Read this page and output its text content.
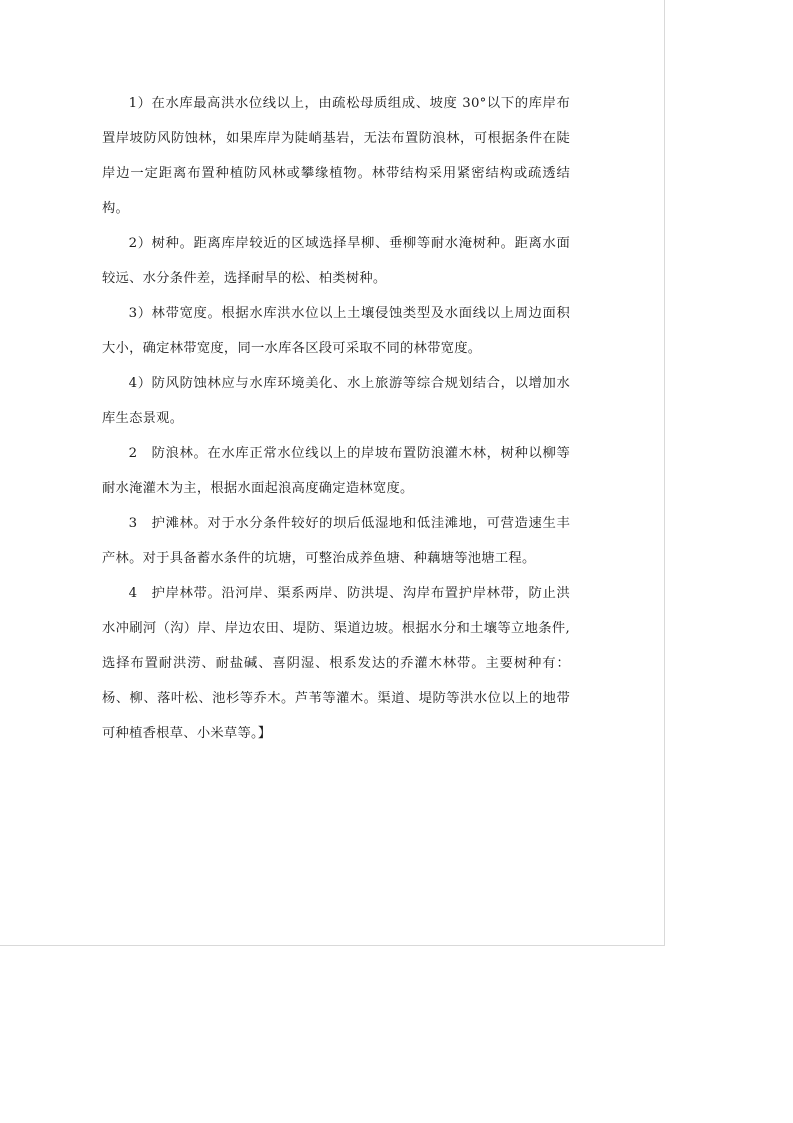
1）在水库最高洪水位线以上，由疏松母质组成、坡度 30°以下的库岸布置岸坡防风防蚀林，如果库岸为陡峭基岩，无法布置防浪林，可根据条件在陡岸边一定距离布置种植防风林或攀缘植物。林带结构采用紧密结构或疏透结构。

2）树种。距离库岸较近的区域选择旱柳、垂柳等耐水淹树种。距离水面较远、水分条件差，选择耐旱的松、柏类树种。

3）林带宽度。根据水库洪水位以上土壤侵蚀类型及水面线以上周边面积大小，确定林带宽度，同一水库各区段可采取不同的林带宽度。

4）防风防蚀林应与水库环境美化、水上旅游等综合规划结合，以增加水库生态景观。

2　防浪林。在水库正常水位线以上的岸坡布置防浪灌木林，树种以柳等耐水淹灌木为主，根据水面起浪高度确定造林宽度。

3　护滩林。对于水分条件较好的坝后低湿地和低洼滩地，可营造速生丰产林。对于具备蓄水条件的坑塘，可整治成养鱼塘、种藕塘等池塘工程。

4　护岸林带。沿河岸、渠系两岸、防洪堤、沟岸布置护岸林带，防止洪水冲刷河（沟）岸、岸边农田、堤防、渠道边坡。根据水分和土壤等立地条件,选择布置耐洪涝、耐盐碱、喜阴湿、根系发达的乔灌木林带。主要树种有：杨、柳、落叶松、池杉等乔木。芦苇等灌木。渠道、堤防等洪水位以上的地带可种植香根草、小米草等。】
